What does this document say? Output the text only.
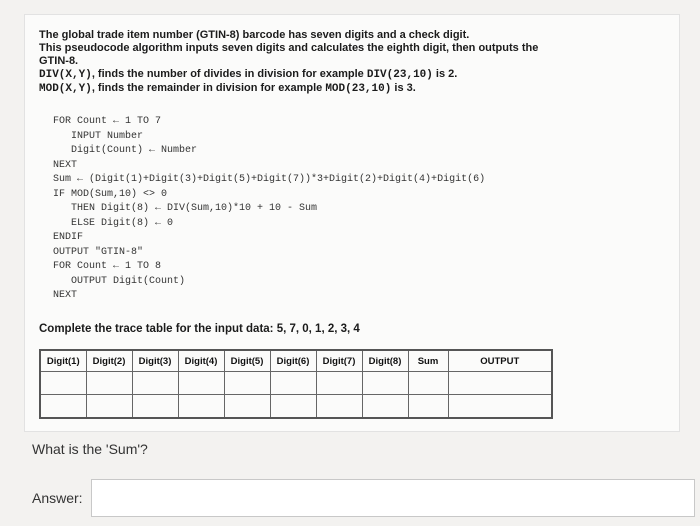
The global trade item number (GTIN-8) barcode has seven digits and a check digit.
This pseudocode algorithm inputs seven digits and calculates the eighth digit, then outputs the
GTIN-8.
DIV(X,Y), finds the number of divides in division for example DIV(23,10) is 2.
MOD(X,Y), finds the remainder in division for example MOD(23,10) is 3.
FOR Count ← 1 TO 7
INPUT Number
Digit(Count) ← Number
NEXT
Sum ← (Digit(1)+Digit(3)+Digit(5)+Digit(7))*3+Digit(2)+Digit(4)+Digit(6)
IF MOD(Sum,10) <> 0
THEN Digit(8) ← DIV(Sum,10)*10 + 10 - Sum
ELSE Digit(8) ← 0
ENDIF
OUTPUT "GTIN-8"
FOR Count ← 1 TO 8
OUTPUT Digit(Count)
NEXT
Complete the trace table for the input data: 5, 7, 0, 1, 2, 3, 4
Digit(1)	Digit(2)	Digit(3)	Digit(4)	Digit(5)	Digit(6)	Digit(7)	Digit(8)	Sum	OUTPUT

What is the 'Sum'?
Answer:
